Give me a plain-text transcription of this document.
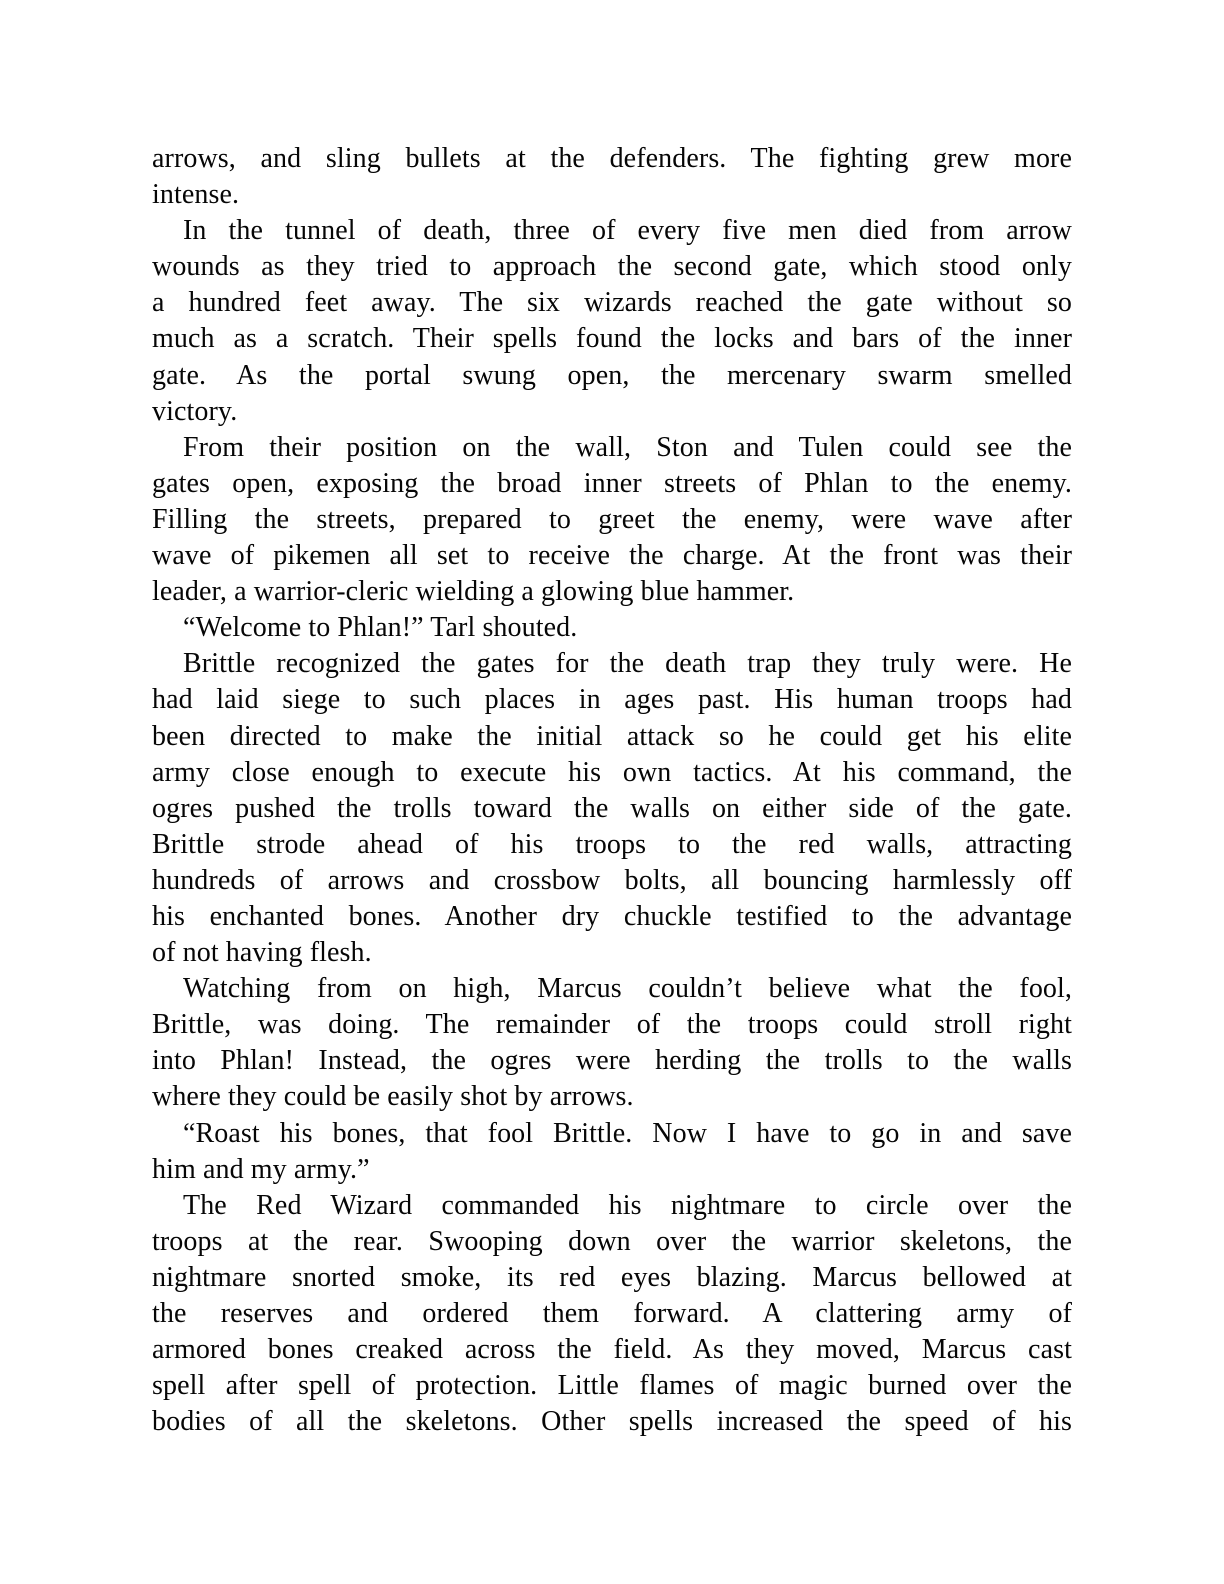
arrows, and sling bullets at the defenders. The fighting grew more
intense.
In the tunnel of death, three of every five men died from arrow
wounds as they tried to approach the second gate, which stood only
a hundred feet away. The six wizards reached the gate without so
much as a scratch. Their spells found the locks and bars of the inner
gate. As the portal swung open, the mercenary swarm smelled
victory.
From their position on the wall, Ston and Tulen could see the
gates open, exposing the broad inner streets of Phlan to the enemy.
Filling the streets, prepared to greet the enemy, were wave after
wave of pikemen all set to receive the charge. At the front was their
leader, a warrior-cleric wielding a glowing blue hammer.
“Welcome to Phlan!” Tarl shouted.
Brittle recognized the gates for the death trap they truly were. He
had laid siege to such places in ages past. His human troops had
been directed to make the initial attack so he could get his elite
army close enough to execute his own tactics. At his command, the
ogres pushed the trolls toward the walls on either side of the gate.
Brittle strode ahead of his troops to the red walls, attracting
hundreds of arrows and crossbow bolts, all bouncing harmlessly off
his enchanted bones. Another dry chuckle testified to the advantage
of not having flesh.
Watching from on high, Marcus couldn’t believe what the fool,
Brittle, was doing. The remainder of the troops could stroll right
into Phlan! Instead, the ogres were herding the trolls to the walls
where they could be easily shot by arrows.
“Roast his bones, that fool Brittle. Now I have to go in and save
him and my army.”
The Red Wizard commanded his nightmare to circle over the
troops at the rear. Swooping down over the warrior skeletons, the
nightmare snorted smoke, its red eyes blazing. Marcus bellowed at
the reserves and ordered them forward. A clattering army of
armored bones creaked across the field. As they moved, Marcus cast
spell after spell of protection. Little flames of magic burned over the
bodies of all the skeletons. Other spells increased the speed of his
